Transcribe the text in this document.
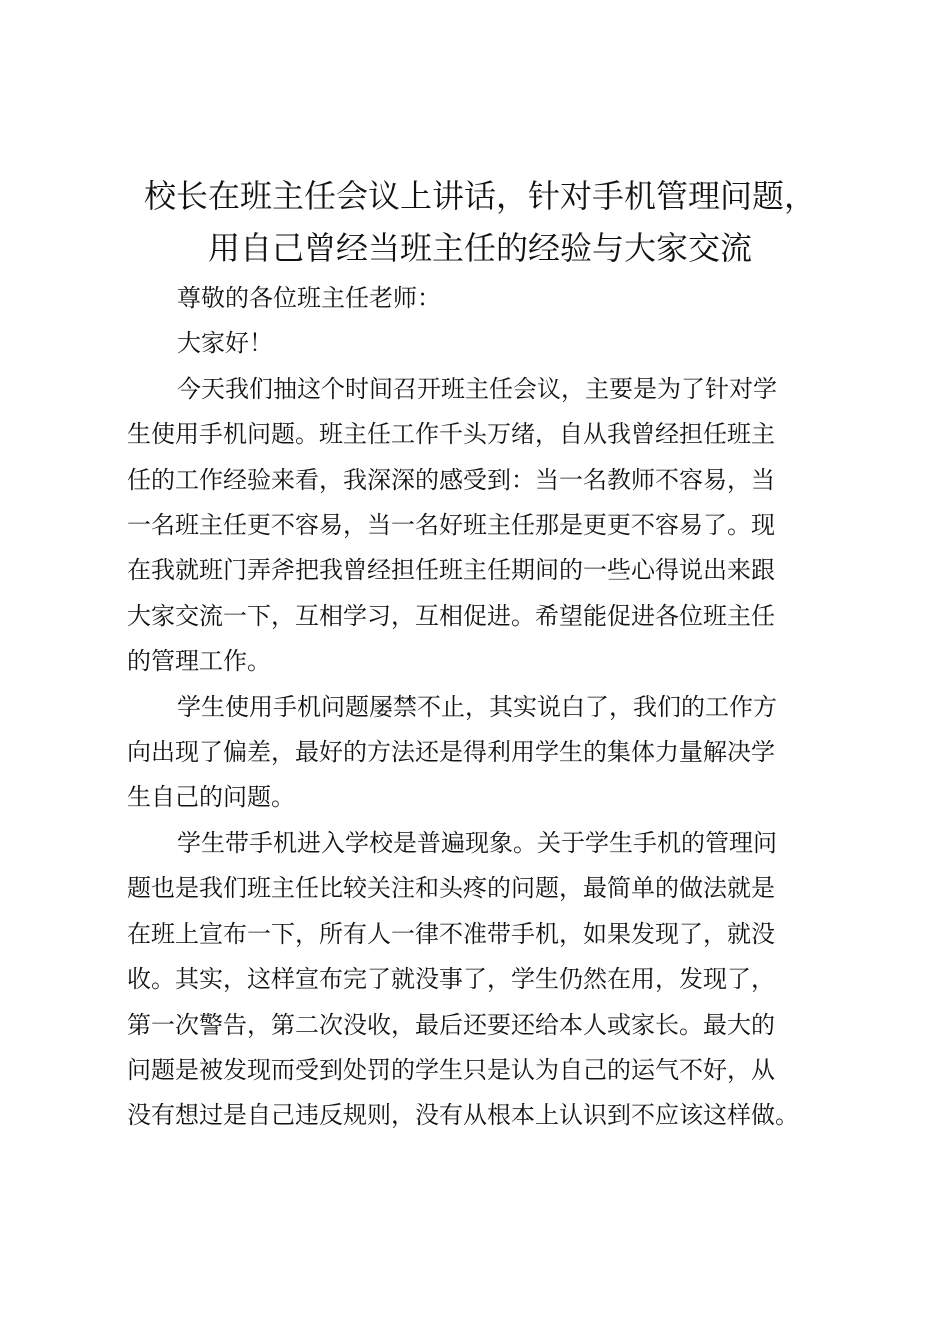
校长在班主任会议上讲话，针对手机管理问题，
用自己曾经当班主任的经验与大家交流

尊敬的各位班主任老师：

大家好！

今天我们抽这个时间召开班主任会议，主要是为了针对学
生使用手机问题。班主任工作千头万绪，自从我曾经担任班主
任的工作经验来看，我深深的感受到：当一名教师不容易，当
一名班主任更不容易，当一名好班主任那是更更不容易了。现
在我就班门弄斧把我曾经担任班主任期间的一些心得说出来跟
大家交流一下，互相学习，互相促进。希望能促进各位班主任
的管理工作。

学生使用手机问题屡禁不止，其实说白了，我们的工作方
向出现了偏差，最好的方法还是得利用学生的集体力量解决学
生自己的问题。

学生带手机进入学校是普遍现象。关于学生手机的管理问
题也是我们班主任比较关注和头疼的问题，最简单的做法就是
在班上宣布一下，所有人一律不准带手机，如果发现了，就没
收。其实，这样宣布完了就没事了，学生仍然在用，发现了，
第一次警告，第二次没收，最后还要还给本人或家长。最大的
问题是被发现而受到处罚的学生只是认为自己的运气不好，从
没有想过是自己违反规则，没有从根本上认识到不应该这样做。
